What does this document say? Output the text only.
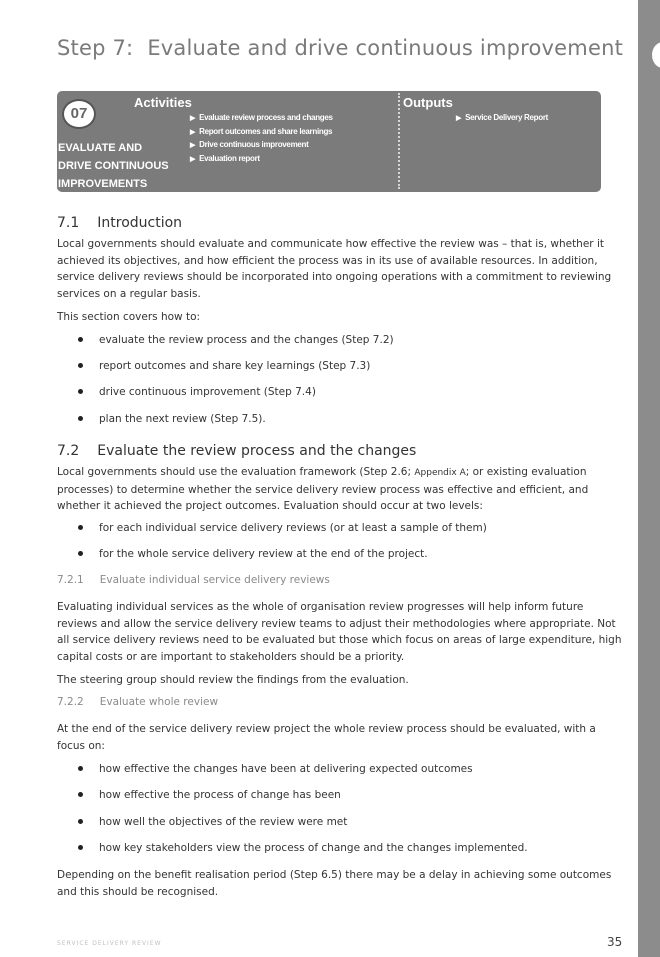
Step 7: Evaluate and drive continuous improvement
07
Activities	Outputs
▶ Evaluate review process and changes
▶ Report outcomes and share learnings
▶ Drive continuous improvement
▶ Evaluation report
▶ Service Delivery Report
EVALUATE AND
DRIVE CONTINUOUS
IMPROVEMENTS
7.1 Introduction

Local governments should evaluate and communicate how effective the review was – that is, whether it achieved its objectives, and how efficient the process was in its use of available resources. In addition, service delivery reviews should be incorporated into ongoing operations with a commitment to reviewing services on a regular basis.

This section covers how to:

evaluate the review process and the changes (Step 7.2)
report outcomes and share key learnings (Step 7.3)
drive continuous improvement (Step 7.4)
plan the next review (Step 7.5).
7.2 Evaluate the review process and the changes

Local governments should use the evaluation framework (Step 2.6; Appendix A; or existing evaluation processes) to determine whether the service delivery review process was effective and efficient, and whether it achieved the project outcomes. Evaluation should occur at two levels:

for each individual service delivery reviews (or at least a sample of them)
for the whole service delivery review at the end of the project.
7.2.1 Evaluate individual service delivery reviews

Evaluating individual services as the whole of organisation review progresses will help inform future reviews and allow the service delivery review teams to adjust their methodologies where appropriate. Not all service delivery reviews need to be evaluated but those which focus on areas of large expenditure, high capital costs or are important to stakeholders should be a priority.

The steering group should review the findings from the evaluation.

7.2.2 Evaluate whole review

At the end of the service delivery review project the whole review process should be evaluated, with a focus on:

how effective the changes have been at delivering expected outcomes
how effective the process of change has been
how well the objectives of the review were met
how key stakeholders view the process of change and the changes implemented.

Depending on the benefit realisation period (Step 6.5) there may be a delay in achieving some outcomes and this should be recognised.

SERVICE DELIVERY REVIEW	35
